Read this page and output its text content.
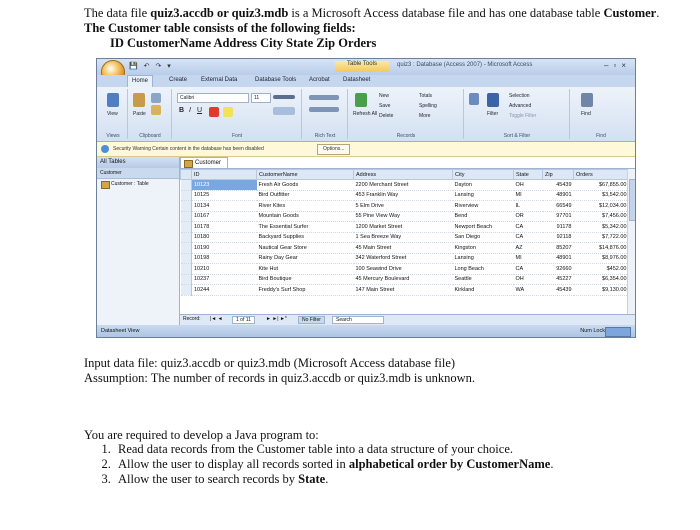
The data file quiz3.accdb or quiz3.mdb is a Microsoft Access database file and has one database table Customer.
The Customer table consists of the following fields:
ID CustomerName Address City State Zip Orders
💾 ↶ ↷ ▾	Table Tools	quiz3 : Database (Access 2007) - Microsoft Access	–▫×
Home	Create External Data	Database Tools Acrobat Datasheet
View
Views
Paste
Clipboard
Calibri	11
B I U
Font	Rich Text
Refresh All
New
Save
Delete
Totals
Spelling
More
Records
Filter
Selection
Advanced
Toggle Filter
Sort & Filter
Find
Find
Security Warning Certain content in the database has been disabled	Options...
All Tables
Customer
Customer : Table
Customer
	ID	CustomerName	Address	City	State	Zip	Orders
	10123	Fresh Air Goods	2200 Merchant Street	Dayton	OH	45439	$67,855.00
	10125	Bird Outfitter	453 Franklin Way	Lansing	MI	48901	$3,542.00
	10134	River Kites	5 Elm Drive	Riverview	IL	66549	$12,034.00
	10167	Mountain Goods	55 Pine View Way	Bend	OR	97701	$7,456.00
	10178	The Essential Surfer	1200 Market Street	Newport Beach	CA	91178	$5,342.00
	10180	Backyard Supplies	1 Sea Breeze Way	San Diego	CA	92118	$7,722.00
	10190	Nautical Gear Store	45 Main Street	Kingston	AZ	85207	$14,876.00
	10198	Rainy Day Gear	342 Waterford Street	Lansing	MI	48901	$8,976.00
	10210	Kite Hut	100 Seawind Drive	Long Beach	CA	92660	$452.00
	10237	Bird Boutique	45 Mercury Boulevard	Seattle	OH	45227	$6,354.00
	10244	Freddy's Surf Shop	147 Main Street	Kirkland	WA	45439	$9,130.00
Record: |◄ ◄	1 of 11	► ►| ►*	No Filter	Search
Datasheet View	Num Lock
Input data file: quiz3.accdb or quiz3.mdb (Microsoft Access database file)
Assumption: The number of records in quiz3.accdb or quiz3.mdb is unknown.
You are required to develop a Java program to:
1. Read data records from the Customer table into a data structure of your choice.
2. Allow the user to display all records sorted in alphabetical order by CustomerName.
3. Allow the user to search records by State.
